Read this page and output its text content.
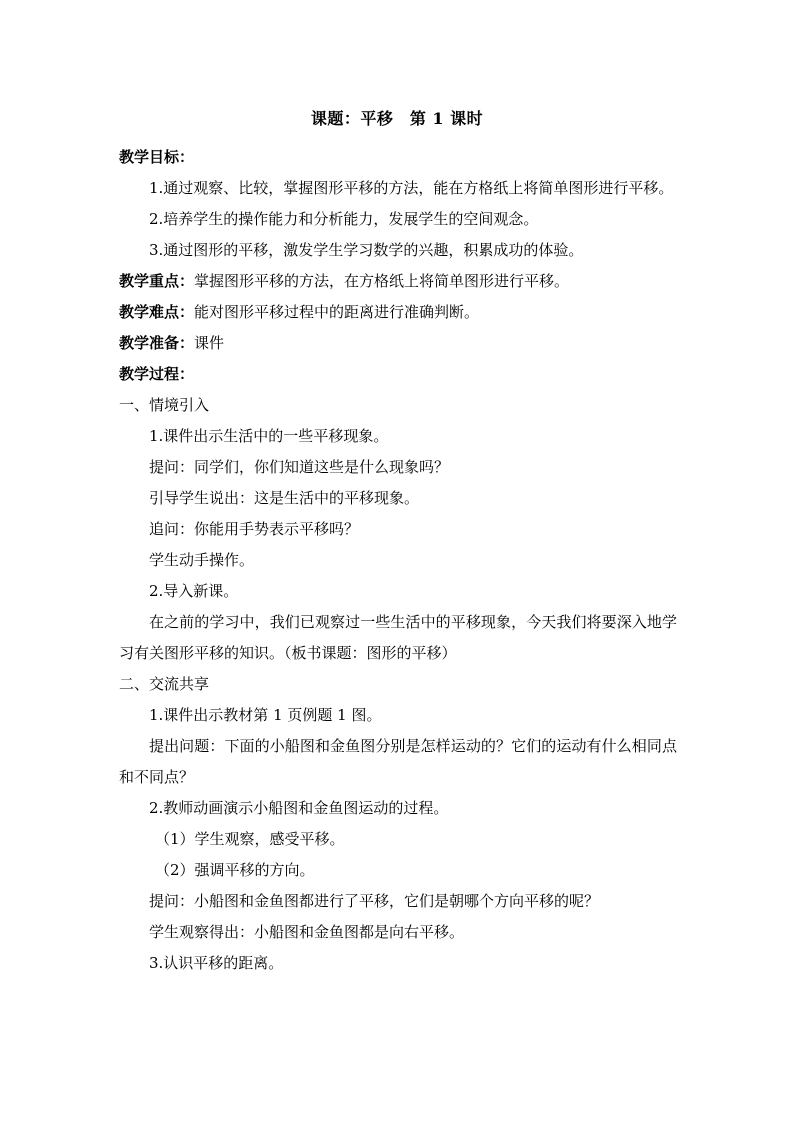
课题：平移　第 1 课时

教学目标：

1.通过观察、比较，掌握图形平移的方法，能在方格纸上将简单图形进行平移。

2.培养学生的操作能力和分析能力，发展学生的空间观念。

3.通过图形的平移，激发学生学习数学的兴趣，积累成功的体验。

教学重点：掌握图形平移的方法，在方格纸上将简单图形进行平移。

教学难点：能对图形平移过程中的距离进行准确判断。

教学准备：课件

教学过程：

一、情境引入

1.课件出示生活中的一些平移现象。

提问：同学们，你们知道这些是什么现象吗？

引导学生说出：这是生活中的平移现象。

追问：你能用手势表示平移吗？

学生动手操作。

2.导入新课。

在之前的学习中，我们已观察过一些生活中的平移现象，今天我们将要深入地学习有关图形平移的知识。（板书课题：图形的平移）

二、交流共享

1.课件出示教材第 1 页例题 1 图。

提出问题：下面的小船图和金鱼图分别是怎样运动的？它们的运动有什么相同点和不同点？

2.教师动画演示小船图和金鱼图运动的过程。

（1）学生观察，感受平移。

（2）强调平移的方向。

提问：小船图和金鱼图都进行了平移，它们是朝哪个方向平移的呢？

学生观察得出：小船图和金鱼图都是向右平移。

3.认识平移的距离。
